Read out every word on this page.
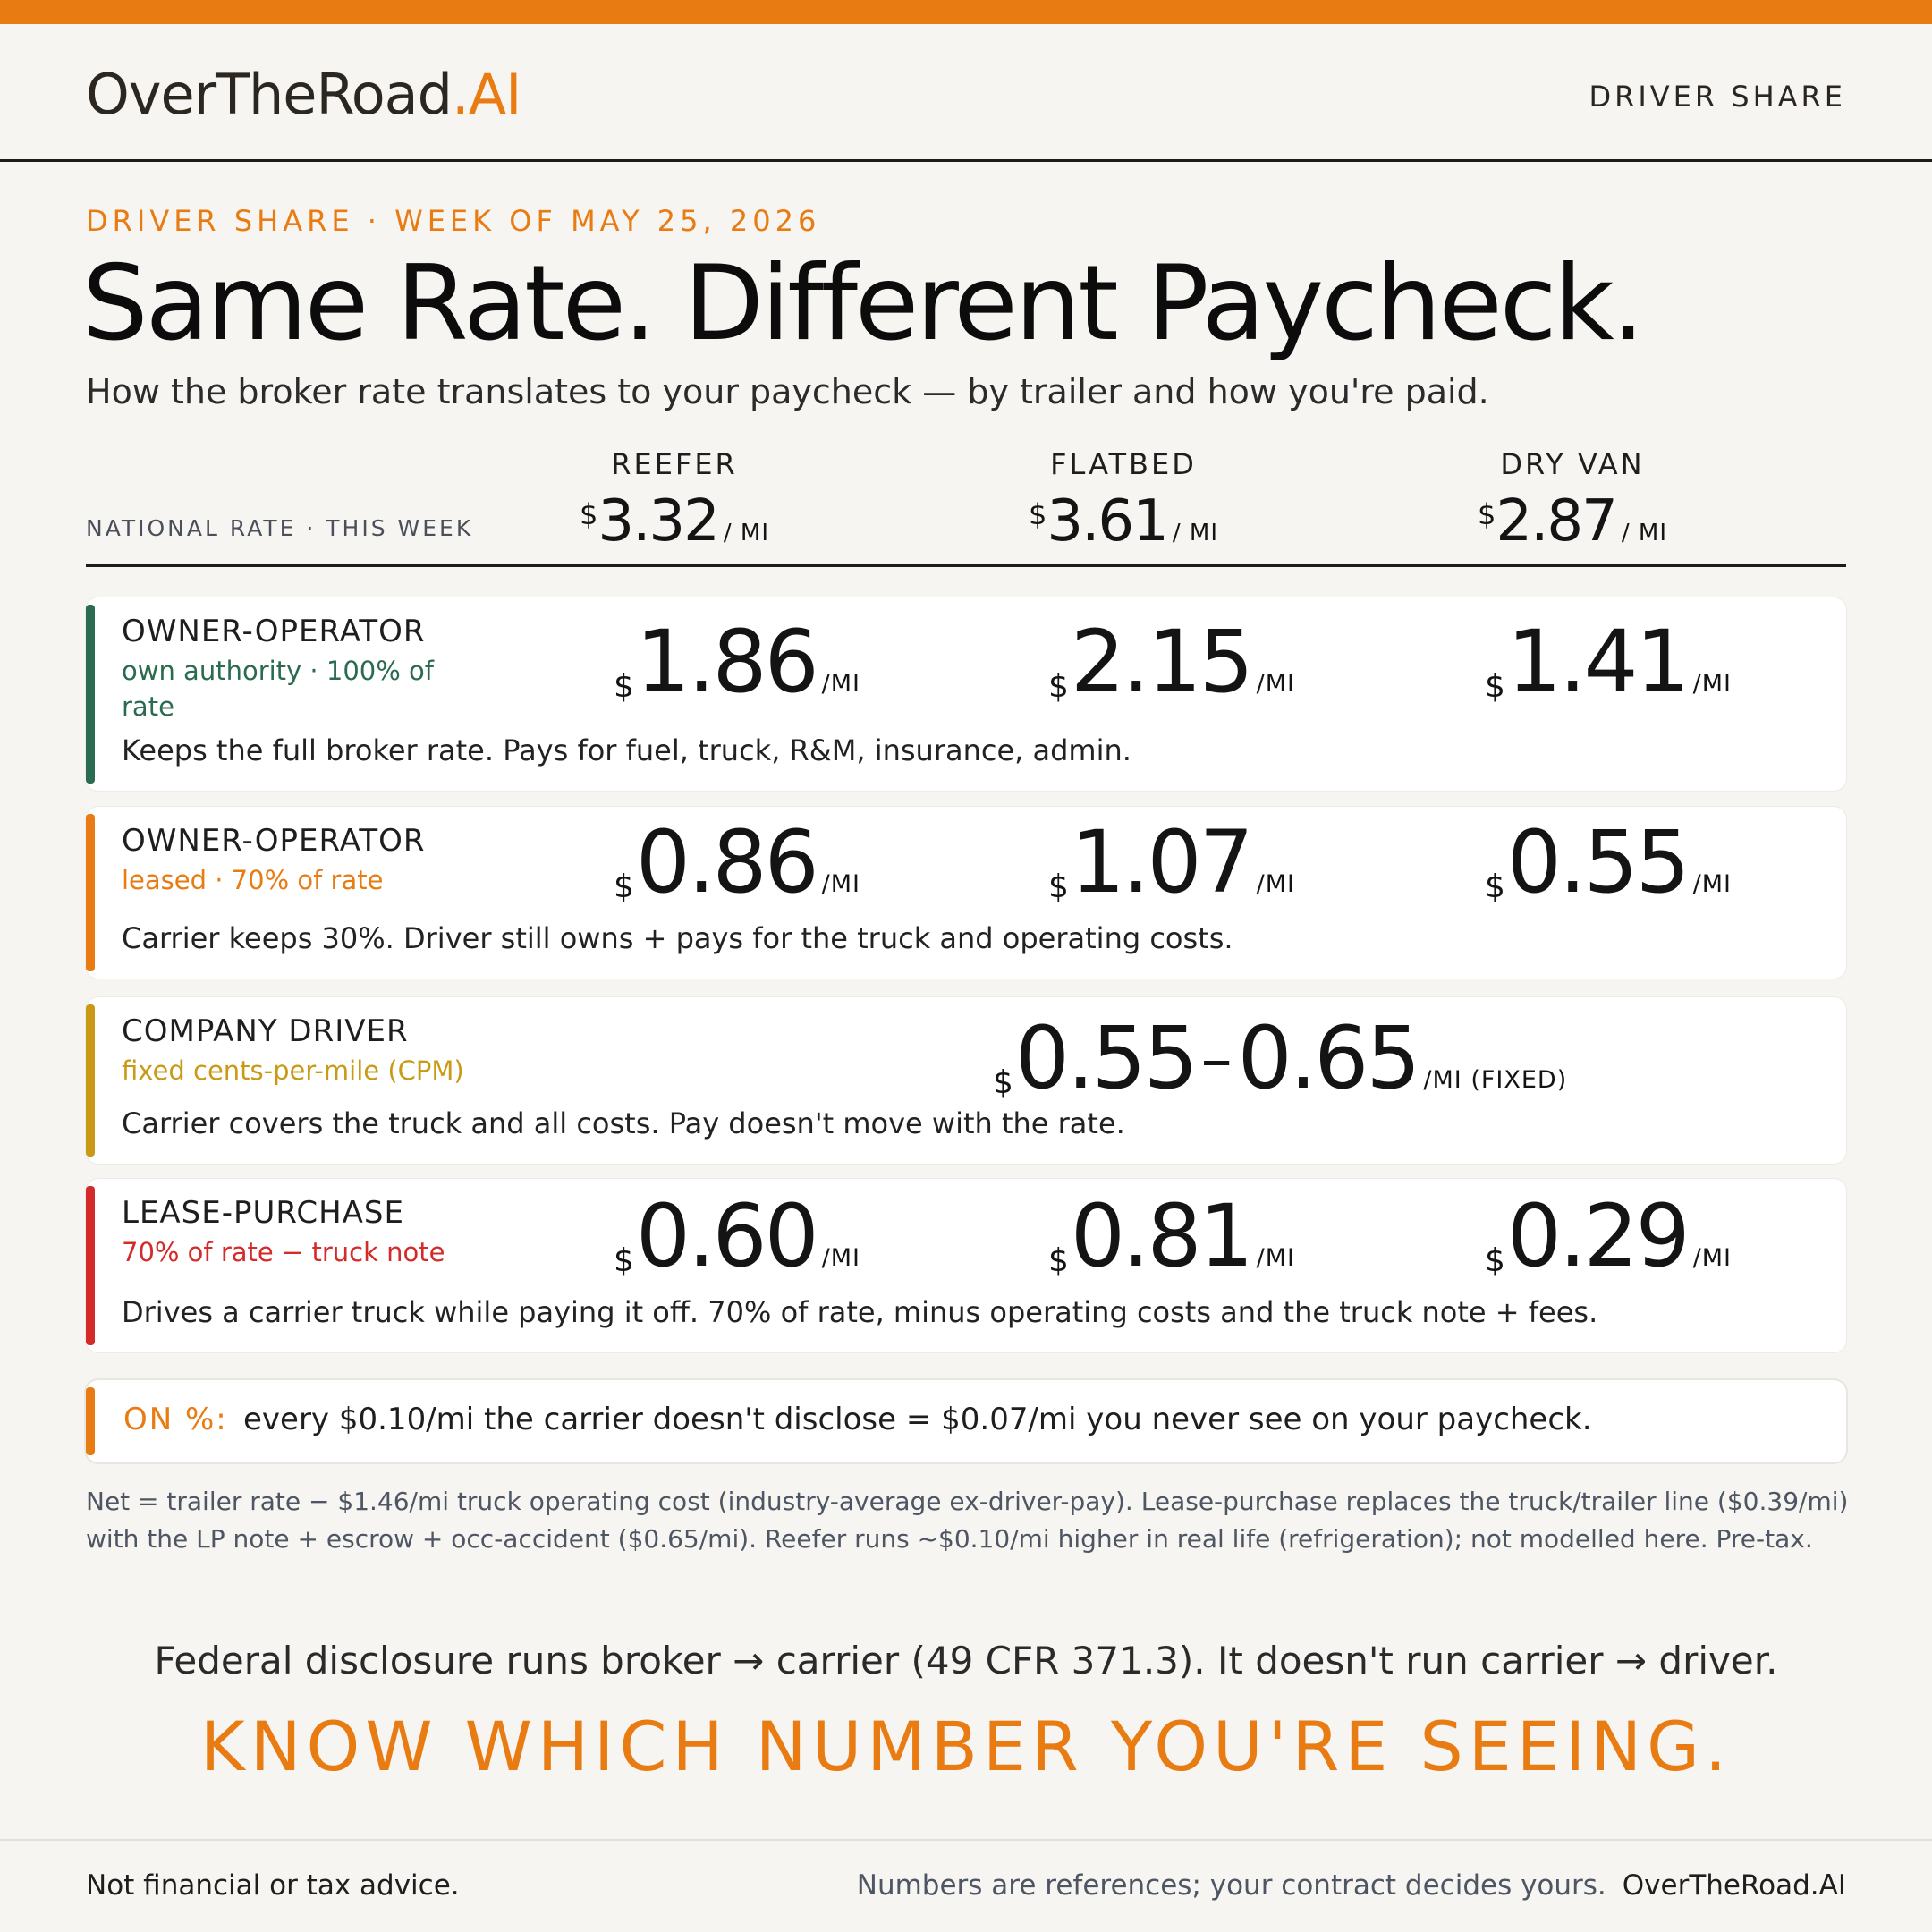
OverTheRoad.AI	DRIVER SHARE
DRIVER SHARE · WEEK OF MAY 25, 2026
Same Rate. Different Paycheck.
How the broker rate translates to your paycheck — by trailer and how you're paid.
NATIONAL RATE · THIS WEEK
REEFER
$3.32 / MI
FLATBED
$3.61 / MI
DRY VAN
$2.87 / MI
OWNER-OPERATOR
own authority · 100% of rate
$1.86 /MI	$2.15 /MI	$1.41 /MI
Keeps the full broker rate. Pays for fuel, truck, R&M, insurance, admin.
OWNER-OPERATOR
leased · 70% of rate	$0.86 /MI	$1.07 /MI	$0.55 /MI
Carrier keeps 30%. Driver still owns + pays for the truck and operating costs.
COMPANY DRIVER
fixed cents-per-mile (CPM)	$0.55–0.65 /MI (FIXED)
Carrier covers the truck and all costs. Pay doesn't move with the rate.
LEASE-PURCHASE
70% of rate − truck note	$0.60 /MI	$0.81 /MI	$0.29 /MI
Drives a carrier truck while paying it off. 70% of rate, minus operating costs and the truck note + fees.
ON %: every $0.10/mi the carrier doesn't disclose = $0.07/mi you never see on your paycheck.
Net = trailer rate − $1.46/mi truck operating cost (industry-average ex-driver-pay). Lease-purchase replaces the truck/trailer line ($0.39/mi) with the LP note + escrow + occ-accident ($0.65/mi). Reefer runs ~$0.10/mi higher in real life (refrigeration); not modelled here. Pre-tax.
Federal disclosure runs broker → carrier (49 CFR 371.3). It doesn't run carrier → driver.
KNOW WHICH NUMBER YOU'RE SEEING.
Not financial or tax advice.	Numbers are references; your contract decides yours. OverTheRoad.AI
